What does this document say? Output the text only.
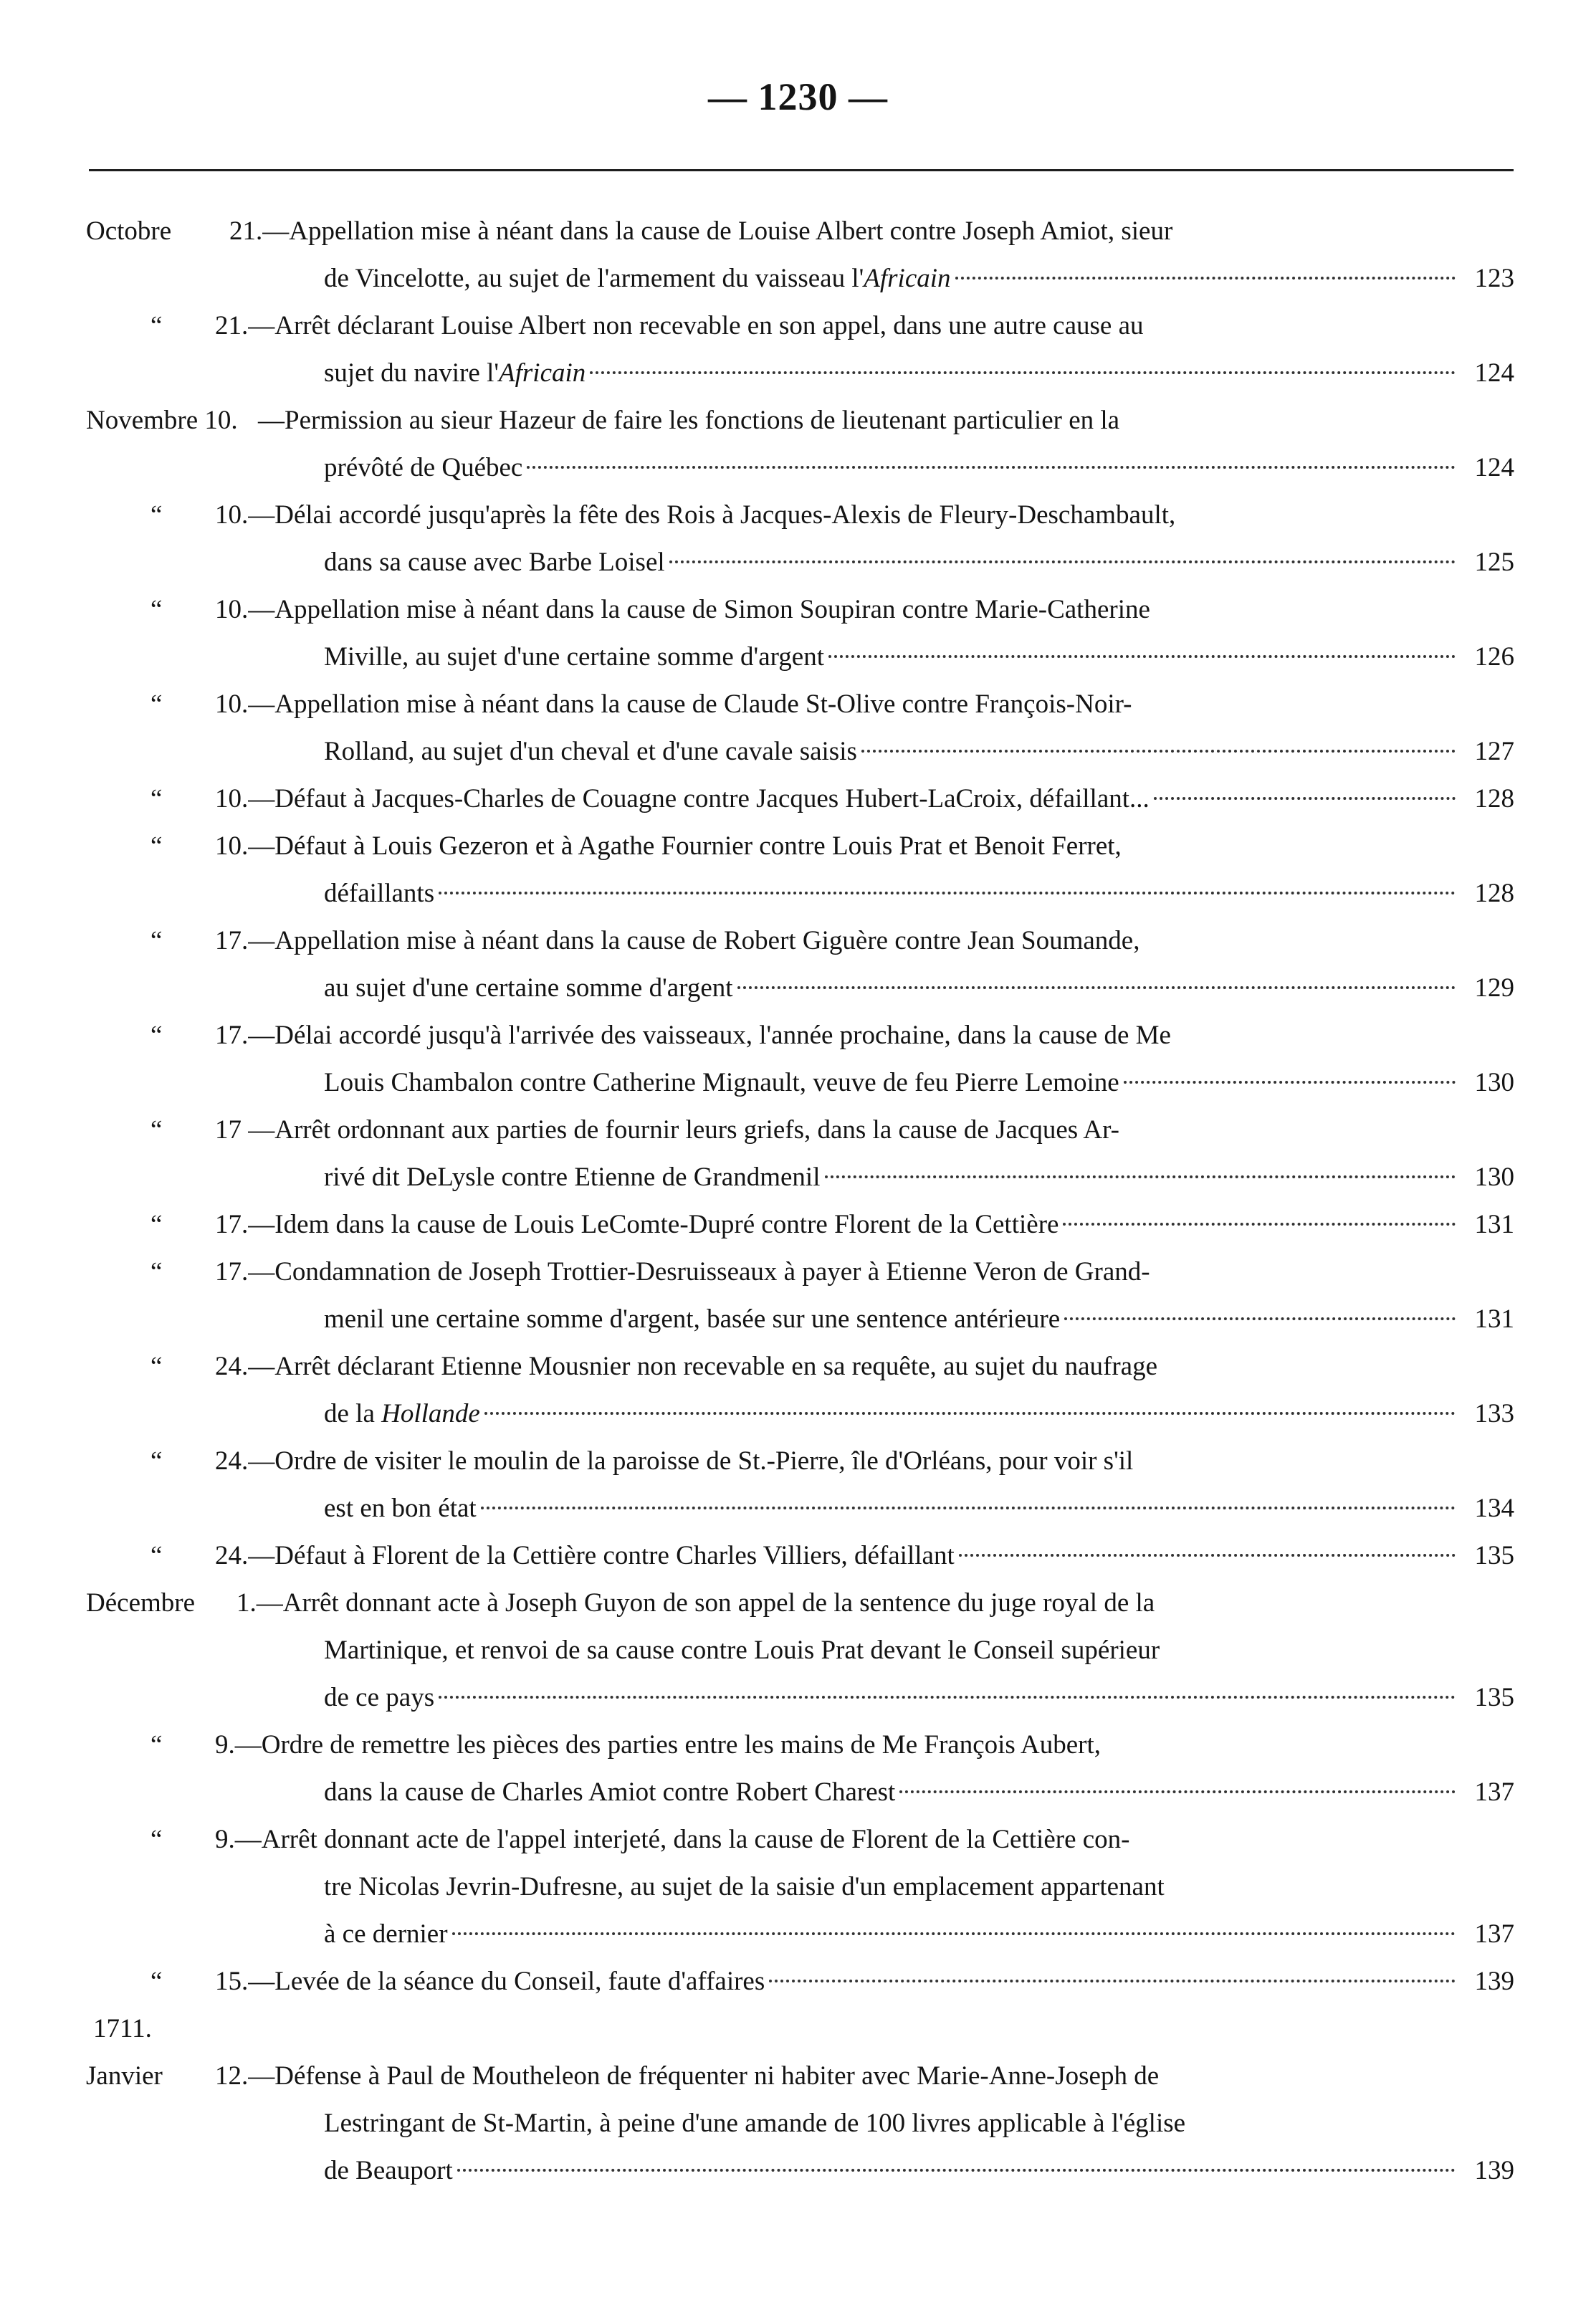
— 1230 —
Octobre 21.—Appellation mise à néant dans la cause de Louise Albert contre Joseph Amiot, sieur
de Vincelotte, au sujet de l'armement du vaisseau l'Africain	123
“ 21.—Arrêt déclarant Louise Albert non recevable en son appel, dans une autre cause au
sujet du navire l'Africain	124
Novembre 10. —Permission au sieur Hazeur de faire les fonctions de lieutenant particulier en la
prévôté de Québec	124
“ 10.—Délai accordé jusqu'après la fête des Rois à Jacques-Alexis de Fleury-Deschambault,
dans sa cause avec Barbe Loisel	125
“ 10.—Appellation mise à néant dans la cause de Simon Soupiran contre Marie-Catherine
Miville, au sujet d'une certaine somme d'argent	126
“ 10.—Appellation mise à néant dans la cause de Claude St-Olive contre François-Noir-
Rolland, au sujet d'un cheval et d'une cavale saisis	127
“ 10.—Défaut à Jacques-Charles de Couagne contre Jacques Hubert-LaCroix, défaillant...	128
“ 10.—Défaut à Louis Gezeron et à Agathe Fournier contre Louis Prat et Benoit Ferret,
défaillants	128
“ 17.—Appellation mise à néant dans la cause de Robert Giguère contre Jean Soumande,
au sujet d'une certaine somme d'argent	129
“ 17.—Délai accordé jusqu'à l'arrivée des vaisseaux, l'année prochaine, dans la cause de Me
Louis Chambalon contre Catherine Mignault, veuve de feu Pierre Lemoine	130
“ 17 —Arrêt ordonnant aux parties de fournir leurs griefs, dans la cause de Jacques Ar-
rivé dit DeLysle contre Etienne de Grandmenil	130
“ 17.—Idem dans la cause de Louis LeComte-Dupré contre Florent de la Cettière	131
“ 17.—Condamnation de Joseph Trottier-Desruisseaux à payer à Etienne Veron de Grand-
menil une certaine somme d'argent, basée sur une sentence antérieure	131
“ 24.—Arrêt déclarant Etienne Mousnier non recevable en sa requête, au sujet du naufrage
de la Hollande	133
“ 24.—Ordre de visiter le moulin de la paroisse de St.-Pierre, île d'Orléans, pour voir s'il
est en bon état	134
“ 24.—Défaut à Florent de la Cettière contre Charles Villiers, défaillant	135
Décembre 1.—Arrêt donnant acte à Joseph Guyon de son appel de la sentence du juge royal de la
Martinique, et renvoi de sa cause contre Louis Prat devant le Conseil supérieur
de ce pays	135
“ 9.—Ordre de remettre les pièces des parties entre les mains de Me François Aubert,
dans la cause de Charles Amiot contre Robert Charest	137
“ 9.—Arrêt donnant acte de l'appel interjeté, dans la cause de Florent de la Cettière con-
tre Nicolas Jevrin-Dufresne, au sujet de la saisie d'un emplacement appartenant
à ce dernier	137
“ 15.—Levée de la séance du Conseil, faute d'affaires	139
1711.
Janvier 12.—Défense à Paul de Moutheleon de fréquenter ni habiter avec Marie-Anne-Joseph de
Lestringant de St-Martin, à peine d'une amande de 100 livres applicable à l'église
de Beauport	139
